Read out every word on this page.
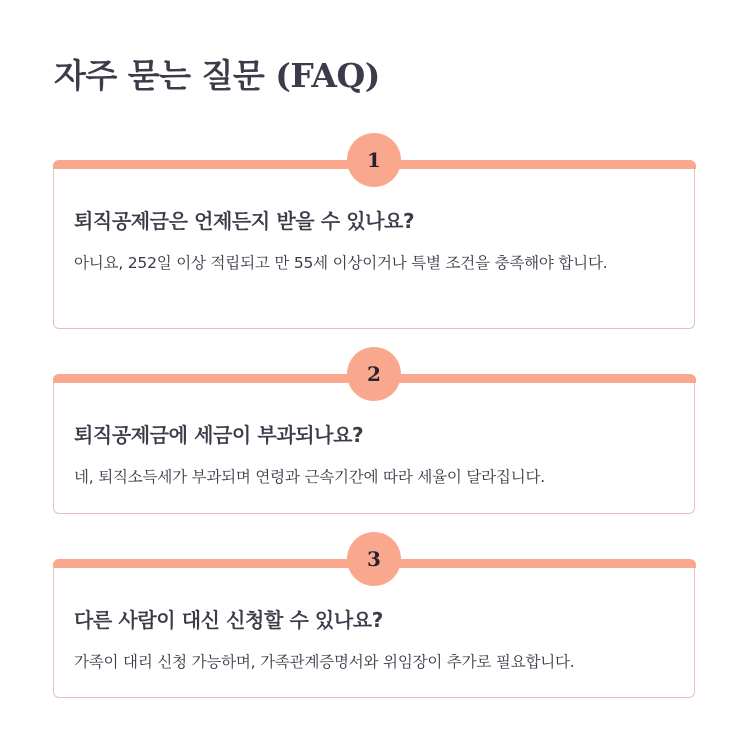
자주 묻는 질문 (FAQ)
1
퇴직공제금은 언제든지 받을 수 있나요?

아니요, 252일 이상 적립되고 만 55세 이상이거나 특별 조건을 충족해야 합니다.

2
퇴직공제금에 세금이 부과되나요?

네, 퇴직소득세가 부과되며 연령과 근속기간에 따라 세율이 달라집니다.

3
다른 사람이 대신 신청할 수 있나요?

가족이 대리 신청 가능하며, 가족관계증명서와 위임장이 추가로 필요합니다.
